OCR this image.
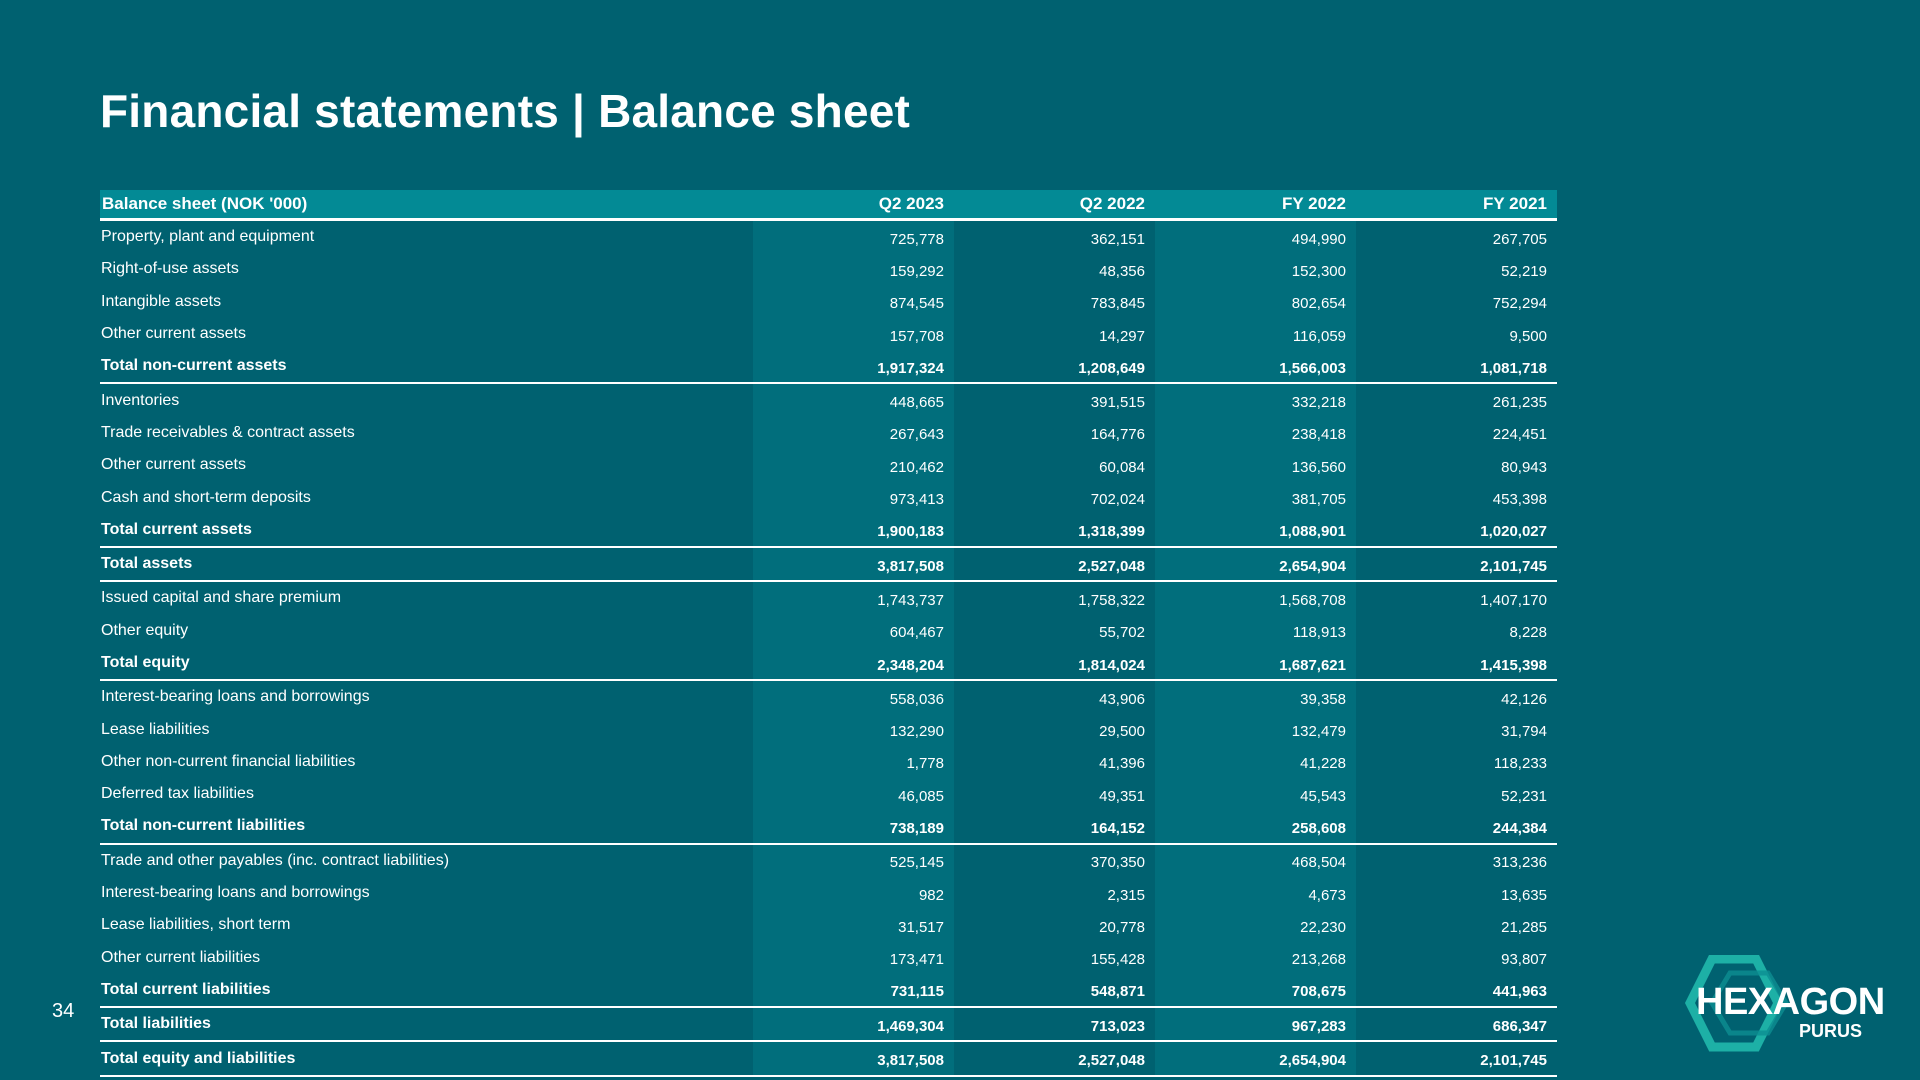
Financial statements | Balance sheet
Balance sheet (NOK '000)	Q2 2023	Q2 2022	FY 2022	FY 2021
Property, plant and equipment	725,778	362,151	494,990	267,705
Right-of-use assets	159,292	48,356	152,300	52,219
Intangible assets	874,545	783,845	802,654	752,294
Other current assets	157,708	14,297	116,059	9,500
Total non-current assets	1,917,324	1,208,649	1,566,003	1,081,718
Inventories	448,665	391,515	332,218	261,235
Trade receivables & contract assets	267,643	164,776	238,418	224,451
Other current assets	210,462	60,084	136,560	80,943
Cash and short-term deposits	973,413	702,024	381,705	453,398
Total current assets	1,900,183	1,318,399	1,088,901	1,020,027
Total assets	3,817,508	2,527,048	2,654,904	2,101,745
Issued capital and share premium	1,743,737	1,758,322	1,568,708	1,407,170
Other equity	604,467	55,702	118,913	8,228
Total equity	2,348,204	1,814,024	1,687,621	1,415,398
Interest-bearing loans and borrowings	558,036	43,906	39,358	42,126
Lease liabilities	132,290	29,500	132,479	31,794
Other non-current financial liabilities	1,778	41,396	41,228	118,233
Deferred tax liabilities	46,085	49,351	45,543	52,231
Total non-current liabilities	738,189	164,152	258,608	244,384
Trade and other payables (inc. contract liabilities)	525,145	370,350	468,504	313,236
Interest-bearing loans and borrowings	982	2,315	4,673	13,635
Lease liabilities, short term	31,517	20,778	22,230	21,285
Other current liabilities	173,471	155,428	213,268	93,807
Total current liabilities	731,115	548,871	708,675	441,963
Total liabilities	1,469,304	713,023	967,283	686,347
Total equity and liabilities	3,817,508	2,527,048	2,654,904	2,101,745
34	HEXAGON
PURUS
